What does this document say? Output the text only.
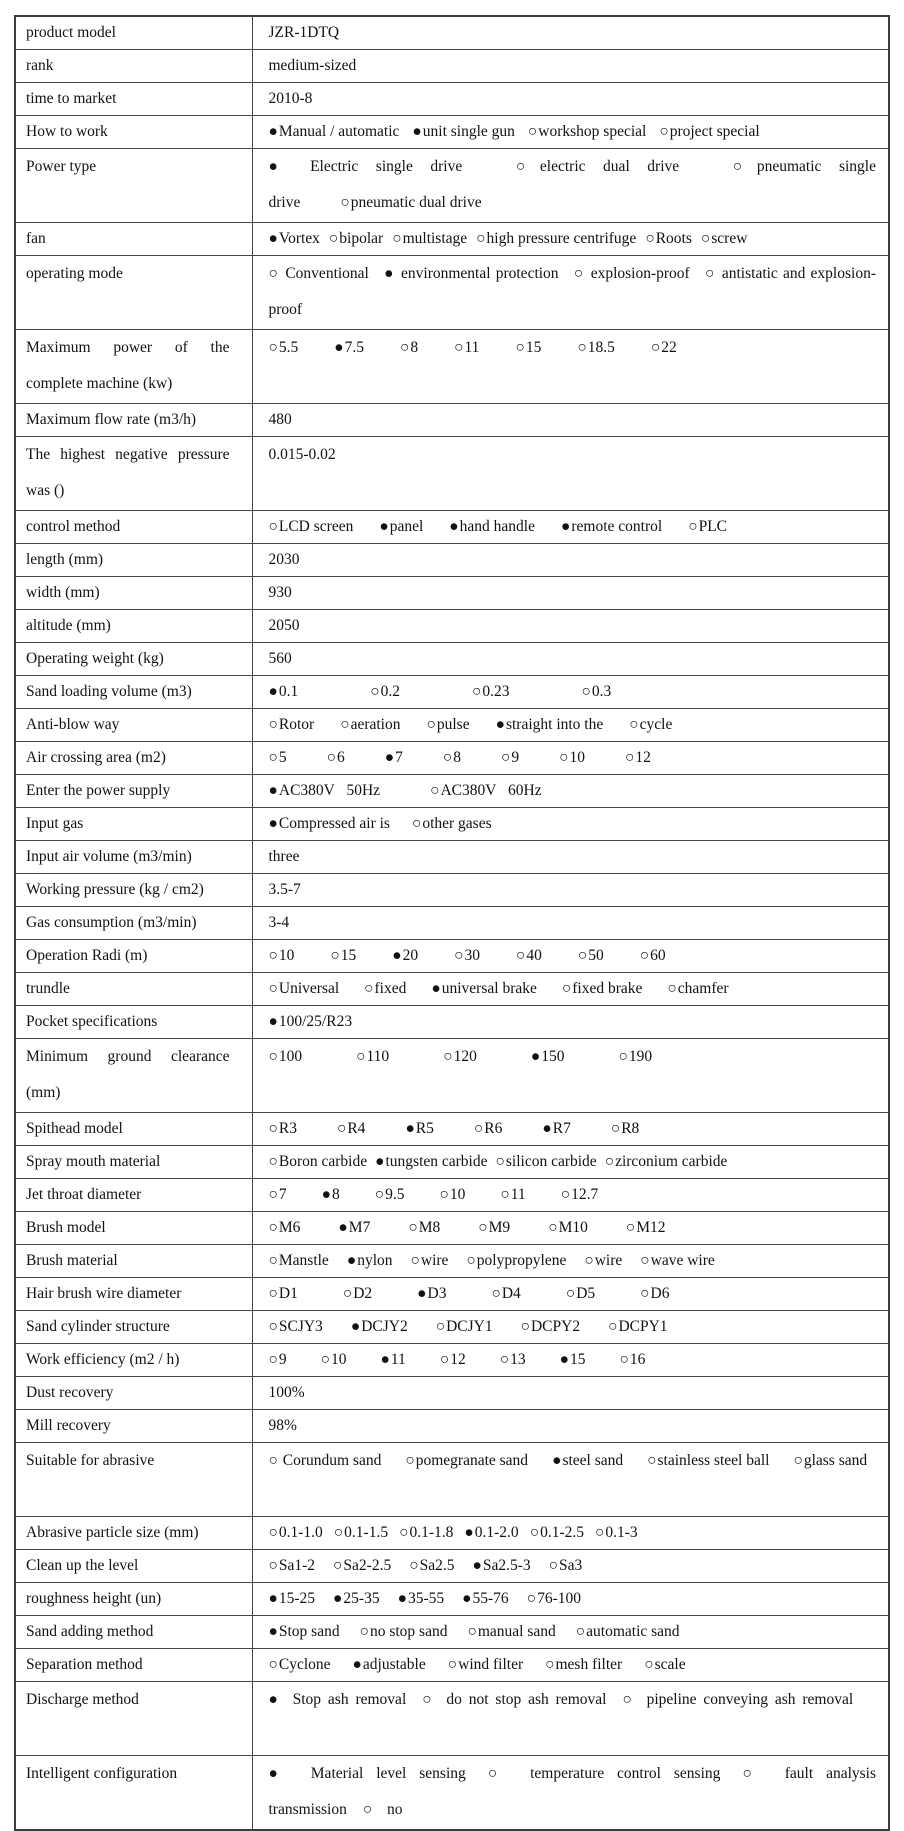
product model	JZR-1DTQ
rank	medium-sized
time to market	2010-8
How to work	●Manual / automatic ●unit single gun ○workshop special ○project special
Power type	● Electric single drive ○electric dual drive ○pneumatic single drive ○pneumatic dual drive
fan	●Vortex ○bipolar ○multistage ○high pressure centrifuge ○Roots ○screw
operating mode	○ Conventional ● environmental protection ○ explosion-proof ○ antistatic and explosion-proof
Maximum power of the complete machine (kw)	○5.5 ●7.5 ○8 ○11 ○15 ○18.5 ○22
Maximum flow rate (m3/h)	480
The highest negative pressure was ()	0.015-0.02
control method	○LCD screen ●panel ●hand handle ●remote control ○PLC
length (mm)	2030
width (mm)	930
altitude (mm)	2050
Operating weight (kg)	560
Sand loading volume (m3)	●0.1 ○0.2 ○0.23 ○0.3
Anti-blow way	○Rotor ○aeration ○pulse ●straight into the ○cycle
Air crossing area (m2)	○5 ○6 ●7 ○8 ○9 ○10 ○12
Enter the power supply	●AC380V   50Hz ○AC380V   60Hz
Input gas	●Compressed air is ○other gases
Input air volume (m3/min)	three
Working pressure (kg / cm2)	3.5-7
Gas consumption (m3/min)	3-4
Operation Radi (m)	○10 ○15 ●20 ○30 ○40 ○50 ○60
trundle	○Universal ○fixed ●universal brake ○fixed brake ○chamfer
Pocket specifications	●100/25/R23
Minimum ground clearance (mm)	○100 ○110 ○120 ●150 ○190
Spithead model	○R3 ○R4 ●R5 ○R6 ●R7 ○R8
Spray mouth material	○Boron carbide ●tungsten carbide ○silicon carbide ○zirconium carbide
Jet throat diameter	○7 ●8 ○9.5 ○10 ○11 ○12.7
Brush model	○M6 ●M7 ○M8 ○M9 ○M10 ○M12
Brush material	○Manstle ●nylon ○wire ○polypropylene ○wire ○wave wire
Hair brush wire diameter	○D1 ○D2 ●D3 ○D4 ○D5 ○D6
Sand cylinder structure	○SCJY3 ●DCJY2 ○DCJY1 ○DCPY2 ○DCPY1
Work efficiency (m2 / h)	○9 ○10 ●11 ○12 ○13 ●15 ○16
Dust recovery	100%
Mill recovery	98%
Suitable for abrasive	○ Corundum sand ○pomegranate sand ●steel sand ○stainless steel ball ○glass sand
Abrasive particle size (mm)	○0.1-1.0 ○0.1-1.5 ○0.1-1.8 ●0.1-2.0 ○0.1-2.5 ○0.1-3
Clean up the level	○Sa1-2 ○Sa2-2.5 ○Sa2.5 ●Sa2.5-3 ○Sa3
roughness height (un)	●15-25 ●25-35 ●35-55 ●55-76 ○76-100
Sand adding method	●Stop sand ○no stop sand ○manual sand ○automatic sand
Separation method	○Cyclone ●adjustable ○wind filter ○mesh filter ○scale
Discharge method	●  Stop ash removal ○  do not stop ash removal ○  pipeline conveying ash removal
Intelligent configuration	●  Material level sensing ○  temperature control sensing ○  fault analysis transmission ○  no
